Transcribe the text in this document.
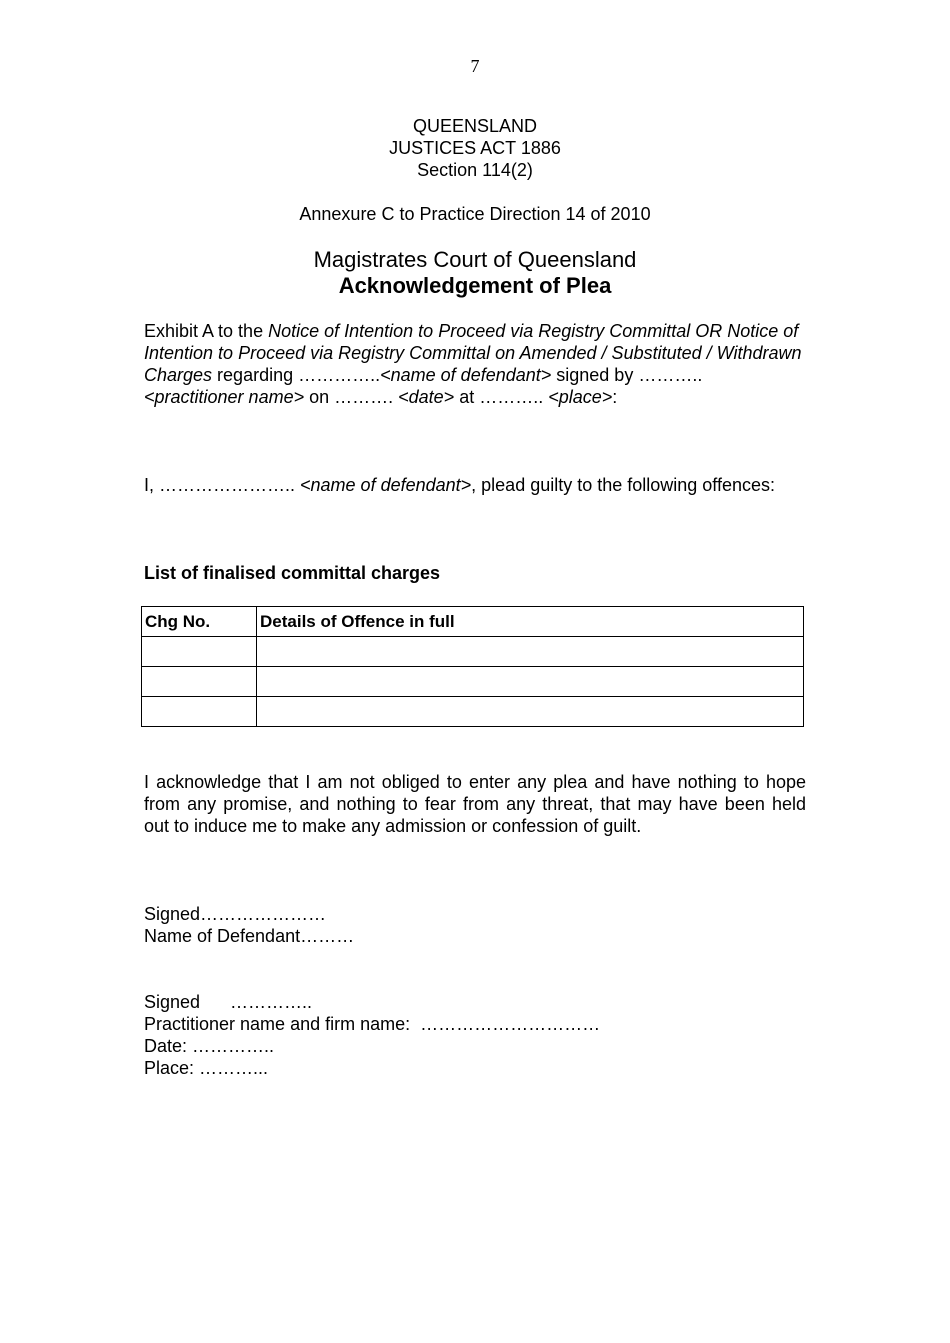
7
QUEENSLAND
JUSTICES ACT 1886
Section 114(2)
Annexure C to Practice Direction 14 of 2010
Magistrates Court of Queensland
Acknowledgement of Plea
Exhibit A to the Notice of Intention to Proceed via Registry Committal OR Notice of Intention to Proceed via Registry Committal on Amended / Substituted / Withdrawn Charges regarding …………..<name of defendant> signed by ……….. <practitioner name> on ………. <date> at ……….. <place>:
I, ………………….. <name of defendant>, plead guilty to the following offences:
List of finalised committal charges
Chg No.	Details of Offence in full

I acknowledge that I am not obliged to enter any plea and have nothing to hope from any promise, and nothing to fear from any threat, that may have been held out to induce me to make any admission or confession of guilt.
Signed…………………
Name of Defendant………
Signed      …………..
Practitioner name and firm name:  …………………………
Date: …………..
Place: ………...
